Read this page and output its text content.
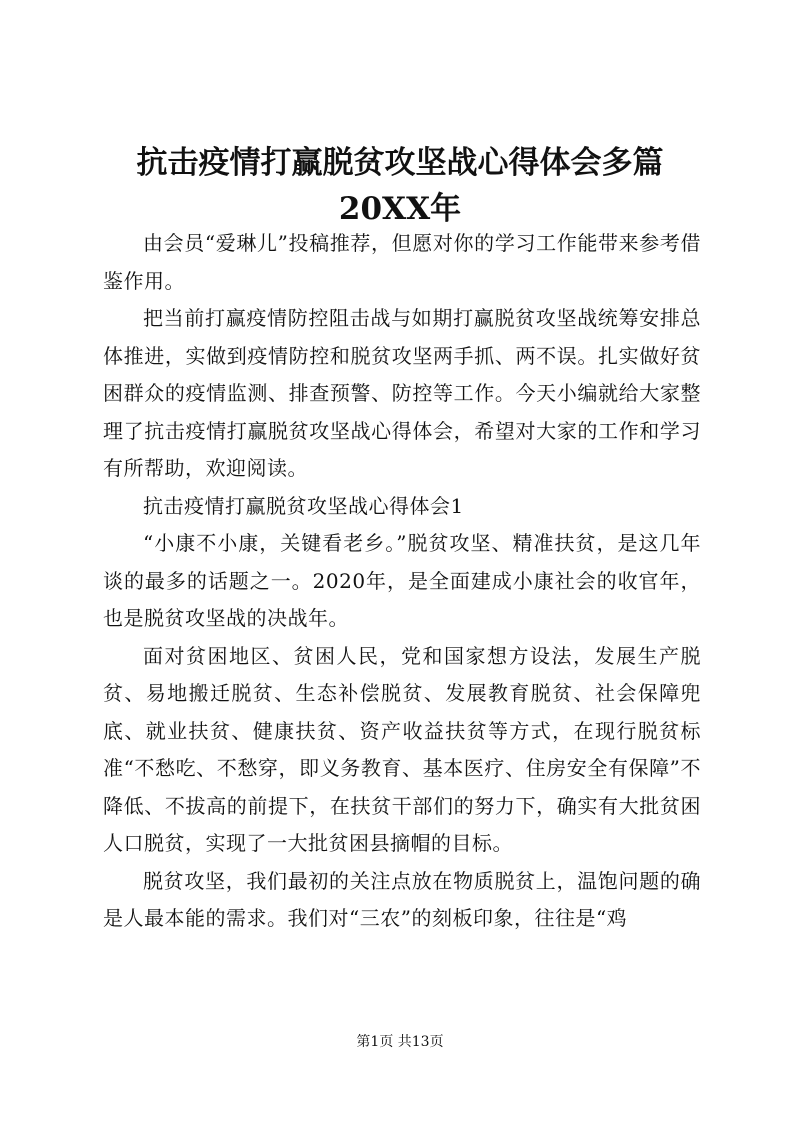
抗击疫情打赢脱贫攻坚战心得体会多篇20XX年

由会员“爱琳儿”投稿推荐，但愿对你的学习工作能带来参考借鉴作用。

把当前打赢疫情防控阻击战与如期打赢脱贫攻坚战统筹安排总体推进，实做到疫情防控和脱贫攻坚两手抓、两不误。扎实做好贫困群众的疫情监测、排查预警、防控等工作。今天小编就给大家整理了抗击疫情打赢脱贫攻坚战心得体会，希望对大家的工作和学习有所帮助，欢迎阅读。

抗击疫情打赢脱贫攻坚战心得体会1

“小康不小康，关键看老乡。”脱贫攻坚、精准扶贫，是这几年谈的最多的话题之一。2020年，是全面建成小康社会的收官年，也是脱贫攻坚战的决战年。

面对贫困地区、贫困人民，党和国家想方设法，发展生产脱贫、易地搬迁脱贫、生态补偿脱贫、发展教育脱贫、社会保障兜底、就业扶贫、健康扶贫、资产收益扶贫等方式，在现行脱贫标准“不愁吃、不愁穿，即义务教育、基本医疗、住房安全有保障”不降低、不拔高的前提下，在扶贫干部们的努力下，确实有大批贫困人口脱贫，实现了一大批贫困县摘帽的目标。

脱贫攻坚，我们最初的关注点放在物质脱贫上，温饱问题的确是人最本能的需求。我们对“三农”的刻板印象，往往是“鸡

第1页 共13页
